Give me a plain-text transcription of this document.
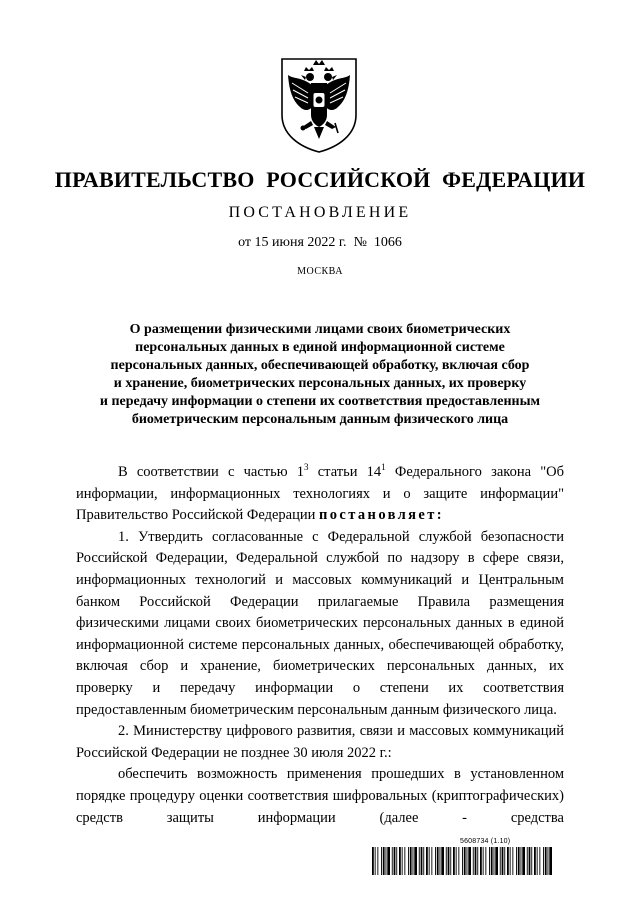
ПРАВИТЕЛЬСТВО РОССИЙСКОЙ ФЕДЕРАЦИИ
ПОСТАНОВЛЕНИЕ
от 15 июня 2022 г. № 1066
МОСКВА
О размещении физическими лицами своих биометрических
персональных данных в единой информационной системе
персональных данных, обеспечивающей обработку, включая сбор
и хранение, биометрических персональных данных, их проверку
и передачу информации о степени их соответствия предоставленным
биометрическим персональным данным физического лица

В соответствии с частью $1^3$ статьи $14^1$ Федерального закона "Об информации, информационных технологиях и о защите информации" Правительство Российской Федерации постановляет:

1. Утвердить согласованные с Федеральной службой безопасности Российской Федерации, Федеральной службой по надзору в сфере связи, информационных технологий и массовых коммуникаций и Центральным банком Российской Федерации прилагаемые Правила размещения физическими лицами своих биометрических персональных данных в единой информационной системе персональных данных, обеспечивающей обработку, включая сбор и хранение, биометрических персональных данных, их проверку и передачу информации о степени их соответствия предоставленным биометрическим персональным данным физического лица.

2. Министерству цифрового развития, связи и массовых коммуникаций Российской Федерации не позднее 30 июля 2022 г.:

обеспечить возможность применения прошедших в установленном порядке процедуру оценки соответствия шифровальных (криптографических) средств защиты информации (далее - средства

5608734 (1.10)
